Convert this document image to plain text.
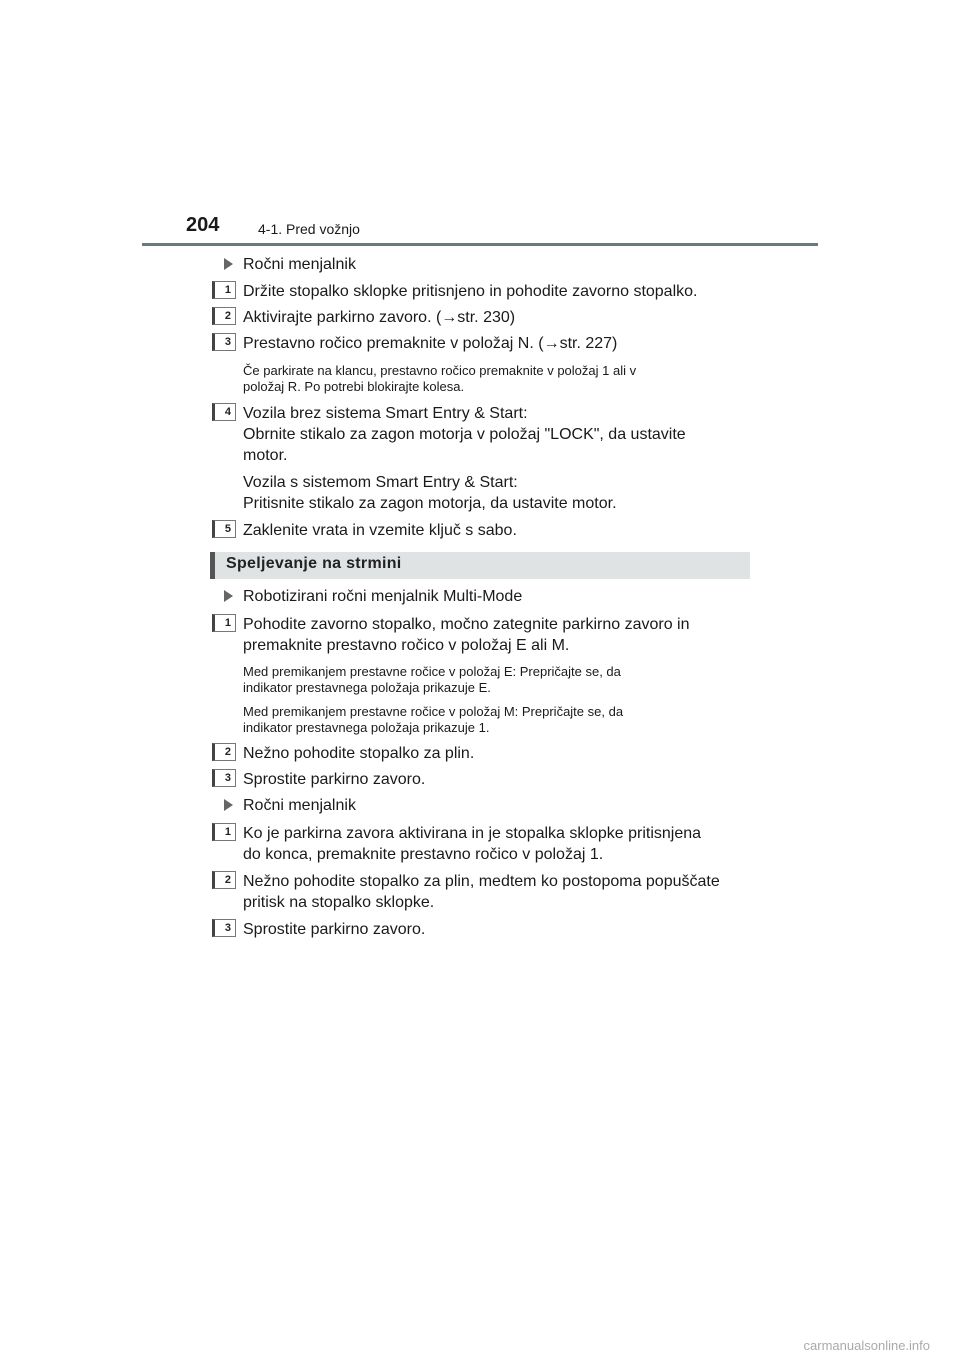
204	4-1. Pred vožnjo
Ročni menjalnik
1 Držite stopalko sklopke pritisnjeno in pohodite zavorno stopalko.
2 Aktivirajte parkirno zavoro. (→str. 230)
3 Prestavno ročico premaknite v položaj N. (→str. 227)
Če parkirate na klancu, prestavno ročico premaknite v položaj 1 ali v
položaj R. Po potrebi blokirajte kolesa.
4 Vozila brez sistema Smart Entry & Start:
Obrnite stikalo za zagon motorja v položaj "LOCK", da ustavite
motor.
Vozila s sistemom Smart Entry & Start:
Pritisnite stikalo za zagon motorja, da ustavite motor.
5 Zaklenite vrata in vzemite ključ s sabo.
Speljevanje na strmini
Robotizirani ročni menjalnik Multi-Mode
1 Pohodite zavorno stopalko, močno zategnite parkirno zavoro in
premaknite prestavno ročico v položaj E ali M.
Med premikanjem prestavne ročice v položaj E: Prepričajte se, da
indikator prestavnega položaja prikazuje E.
Med premikanjem prestavne ročice v položaj M: Prepričajte se, da
indikator prestavnega položaja prikazuje 1.
2 Nežno pohodite stopalko za plin.
3 Sprostite parkirno zavoro.
Ročni menjalnik
1 Ko je parkirna zavora aktivirana in je stopalka sklopke pritisnjena
do konca, premaknite prestavno ročico v položaj 1.
2 Nežno pohodite stopalko za plin, medtem ko postopoma popuščate
pritisk na stopalko sklopke.
3 Sprostite parkirno zavoro.
carmanualsonline.info
